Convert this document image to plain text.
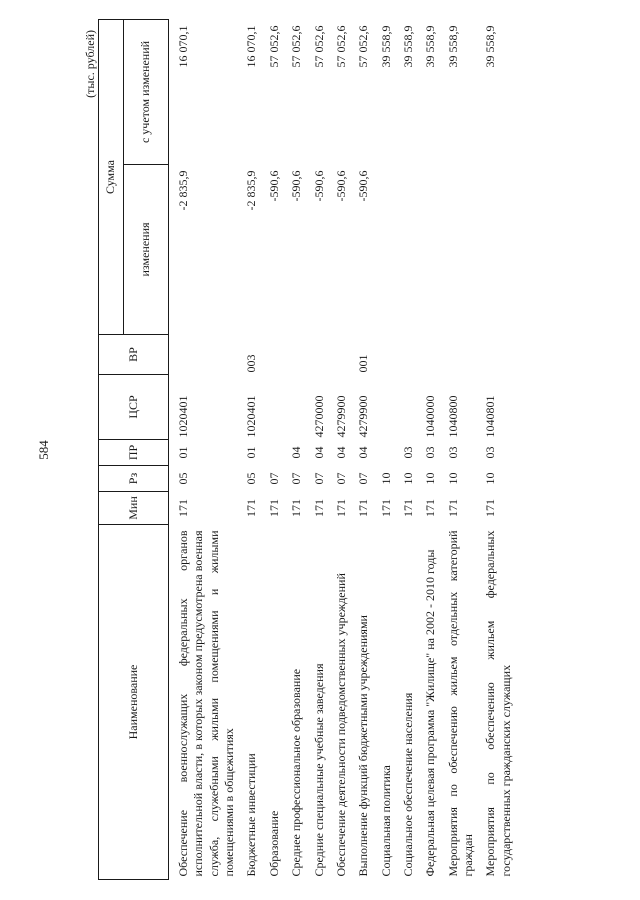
584
(тыс. рублей)
Наименование	Мин	Рз	ПР	ЦСР	ВР	Сумма	
						изменения	с учетом изменений
Обеспечение военнослужащих федеральных органов исполнительной власти, в которых законом предусмотрена военная служба, служебными жилыми помещениями и жилыми помещениями в общежитиях	171	05	01	1020401		-2 835,9	16 070,1
Бюджетные инвестиции	171	05	01	1020401	003	-2 835,9	16 070,1
Образование	171	07				-590,6	57 052,6
Среднее профессиональное образование	171	07	04			-590,6	57 052,6
Средние специальные учебные заведения	171	07	04	4270000		-590,6	57 052,6
Обеспечение деятельности подведомственных учреждений	171	07	04	4279900		-590,6	57 052,6
Выполнение функций бюджетными учреждениями	171	07	04	4279900	001	-590,6	57 052,6
Социальная политика	171	10					39 558,9
Социальное обеспечение населения	171	10	03				39 558,9
Федеральная целевая программа "Жилище" на 2002 - 2010 годы	171	10	03	1040000			39 558,9
Мероприятия по обеспечению жильем отдельных категорий граждан	171	10	03	1040800			39 558,9
Мероприятия по обеспечению жильем федеральных государственных гражданских служащих	171	10	03	1040801			39 558,9
